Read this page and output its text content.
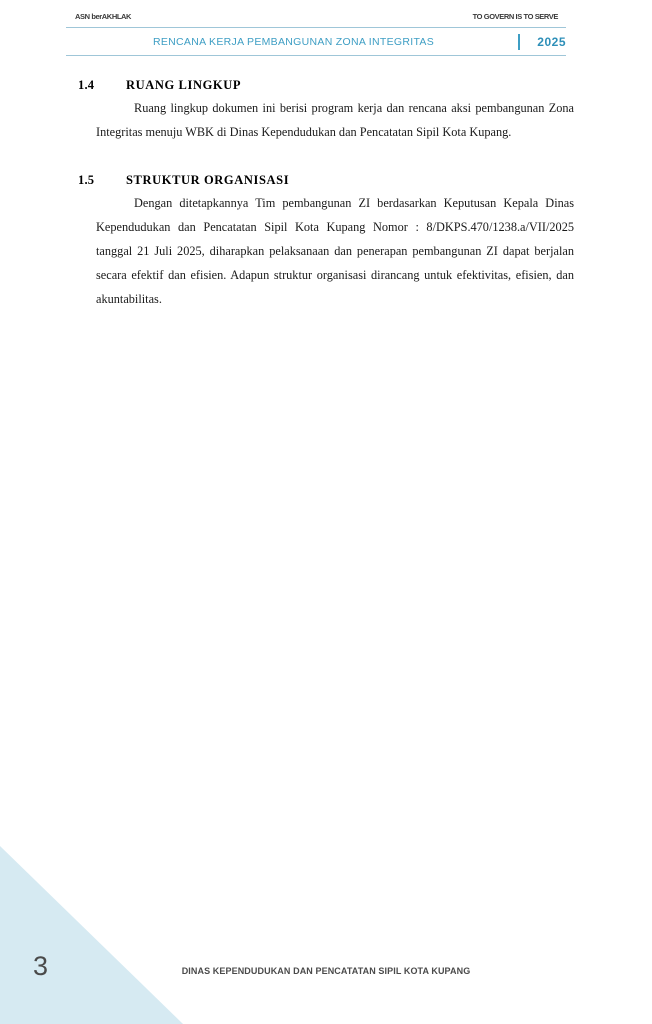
ASN berAKHLAK	TO GOVERN IS TO SERVE
RENCANA KERJA PEMBANGUNAN ZONA INTEGRITAS	2025
1.4	RUANG LINGKUP

Ruang lingkup dokumen ini berisi program kerja dan rencana aksi pembangunan Zona Integritas menuju WBK di Dinas Kependudukan dan Pencatatan Sipil Kota Kupang.

1.5	STRUKTUR ORGANISASI

Dengan ditetapkannya Tim pembangunan ZI berdasarkan Keputusan Kepala Dinas Kependudukan dan Pencatatan Sipil Kota Kupang Nomor : 8/DKPS.470/1238.a/VII/2025 tanggal 21 Juli 2025, diharapkan pelaksanaan dan penerapan pembangunan ZI dapat berjalan secara efektif dan efisien. Adapun struktur organisasi dirancang untuk efektivitas, efisien, dan akuntabilitas.

3	DINAS KEPENDUDUKAN DAN PENCATATAN SIPIL KOTA KUPANG
